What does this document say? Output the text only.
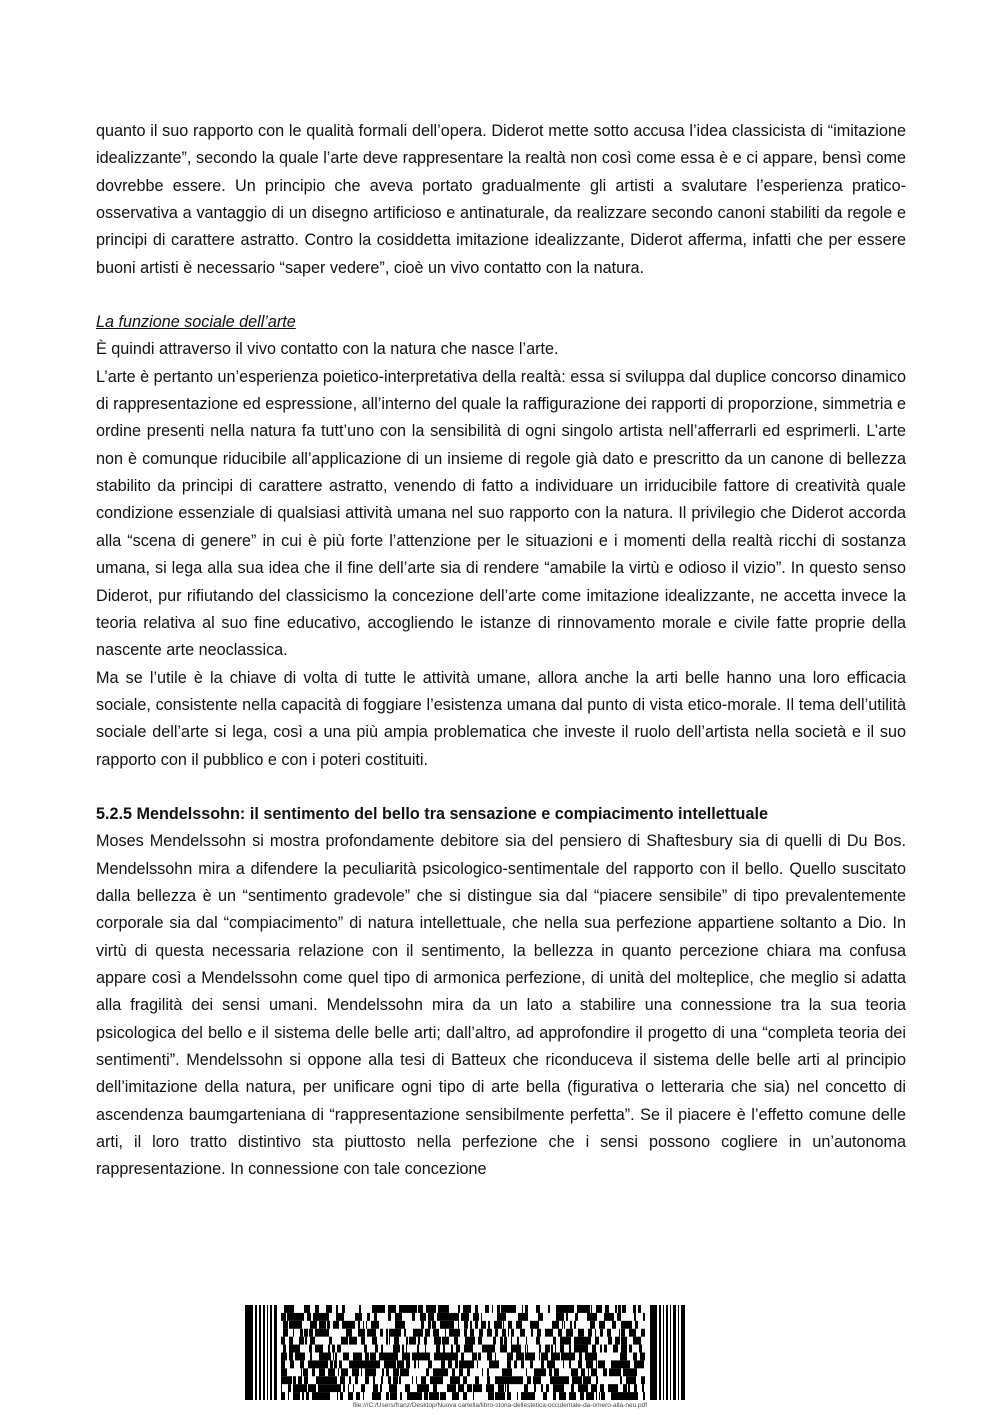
quanto il suo rapporto con le qualità formali dell’opera. Diderot mette sotto accusa l’idea classicista di “imitazione idealizzante”, secondo la quale l’arte deve rappresentare la realtà non così come essa è e ci appare, bensì come dovrebbe essere. Un principio che aveva portato gradualmente gli artisti a svalutare l’esperienza pratico-osservativa a vantaggio di un disegno artificioso e antinaturale, da realizzare secondo canoni stabiliti da regole e principi di carattere astratto. Contro la cosiddetta imitazione idealizzante, Diderot afferma, infatti che per essere buoni artisti è necessario “saper vedere”, cioè un vivo contatto con la natura.

La funzione sociale dell’arte

È quindi attraverso il vivo contatto con la natura che nasce l’arte.

L’arte è pertanto un’esperienza poietico-interpretativa della realtà: essa si sviluppa dal duplice concorso dinamico di rappresentazione ed espressione, all’interno del quale la raffigurazione dei rapporti di proporzione, simmetria e ordine presenti nella natura fa tutt’uno con la sensibilità di ogni singolo artista nell’afferrarli ed esprimerli. L’arte non è comunque riducibile all’applicazione di un insieme di regole già dato e prescritto da un canone di bellezza stabilito da principi di carattere astratto, venendo di fatto a individuare un irriducibile fattore di creatività quale condizione essenziale di qualsiasi attività umana nel suo rapporto con la natura. Il privilegio che Diderot accorda alla “scena di genere” in cui è più forte l’attenzione per le situazioni e i momenti della realtà ricchi di sostanza umana, si lega alla sua idea che il fine dell’arte sia di rendere “amabile la virtù e odioso il vizio”. In questo senso Diderot, pur rifiutando del classicismo la concezione dell’arte come imitazione idealizzante, ne accetta invece la teoria relativa al suo fine educativo, accogliendo le istanze di rinnovamento morale e civile fatte proprie della nascente arte neoclassica.

Ma se l’utile è la chiave di volta di tutte le attività umane, allora anche la arti belle hanno una loro efficacia sociale, consistente nella capacità di foggiare l’esistenza umana dal punto di vista etico-morale. Il tema dell’utilità sociale dell’arte si lega, così a una più ampia problematica che investe il ruolo dell’artista nella società e il suo rapporto con il pubblico e con i poteri costituiti.

5.2.5 Mendelssohn: il sentimento del bello tra sensazione e compiacimento intellettuale

Moses Mendelssohn si mostra profondamente debitore sia del pensiero di Shaftesbury sia di quelli di Du Bos. Mendelssohn mira a difendere la peculiarità psicologico-sentimentale del rapporto con il bello. Quello suscitato dalla bellezza è un “sentimento gradevole” che si distingue sia dal “piacere sensibile” di tipo prevalentemente corporale sia dal “compiacimento” di natura intellettuale, che nella sua perfezione appartiene soltanto a Dio. In virtù di questa necessaria relazione con il sentimento, la bellezza in quanto percezione chiara ma confusa appare così a Mendelssohn come quel tipo di armonica perfezione, di unità del molteplice, che meglio si adatta alla fragilità dei sensi umani. Mendelssohn mira da un lato a stabilire una connessione tra la sua teoria psicologica del bello e il sistema delle belle arti; dall’altro, ad approfondire il progetto di una “completa teoria dei sentimenti”. Mendelssohn si oppone alla tesi di Batteux che riconduceva il sistema delle belle arti al principio dell’imitazione della natura, per unificare ogni tipo di arte bella (figurativa o letteraria che sia) nel concetto di ascendenza baumgarteniana di “rappresentazione sensibilmente perfetta”. Se il piacere è l’effetto comune delle arti, il loro tratto distintivo sta piuttosto nella perfezione che i sensi possono cogliere in un’autonoma rappresentazione. In connessione con tale concezione

file:///C:/Users/franz/Desktop/Nuova cartella/libro-storia-dellestetica-occidentale-da-omero-alla-neu.pdf
